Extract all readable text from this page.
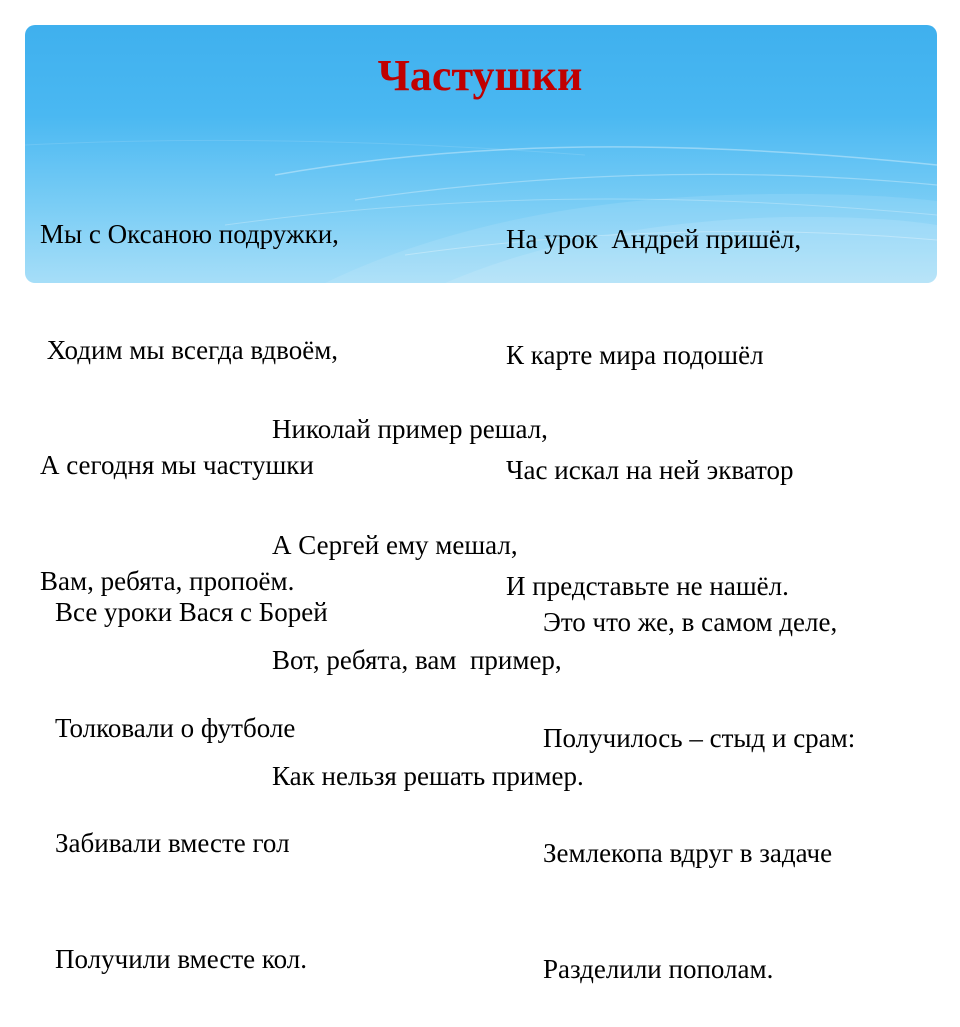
Частушки

Мы с Оксаною подружки,

Ходим мы всегда вдвоём,

А сегодня мы частушки

Вам, ребята, пропоём.

На урок  Андрей пришёл,

К карте мира подошёл

Час искал на ней экватор

И представьте не нашёл.

Николай пример решал,

А Сергей ему мешал,

Вот, ребята, вам  пример,

Как нельзя решать пример.

Все уроки Вася с Борей

Толковали о футболе

Забивали вместе гол

Получили вместе кол.

Это что же, в самом деле,

Получилось – стыд и срам:

Землекопа вдруг в задаче

Разделили пополам.
